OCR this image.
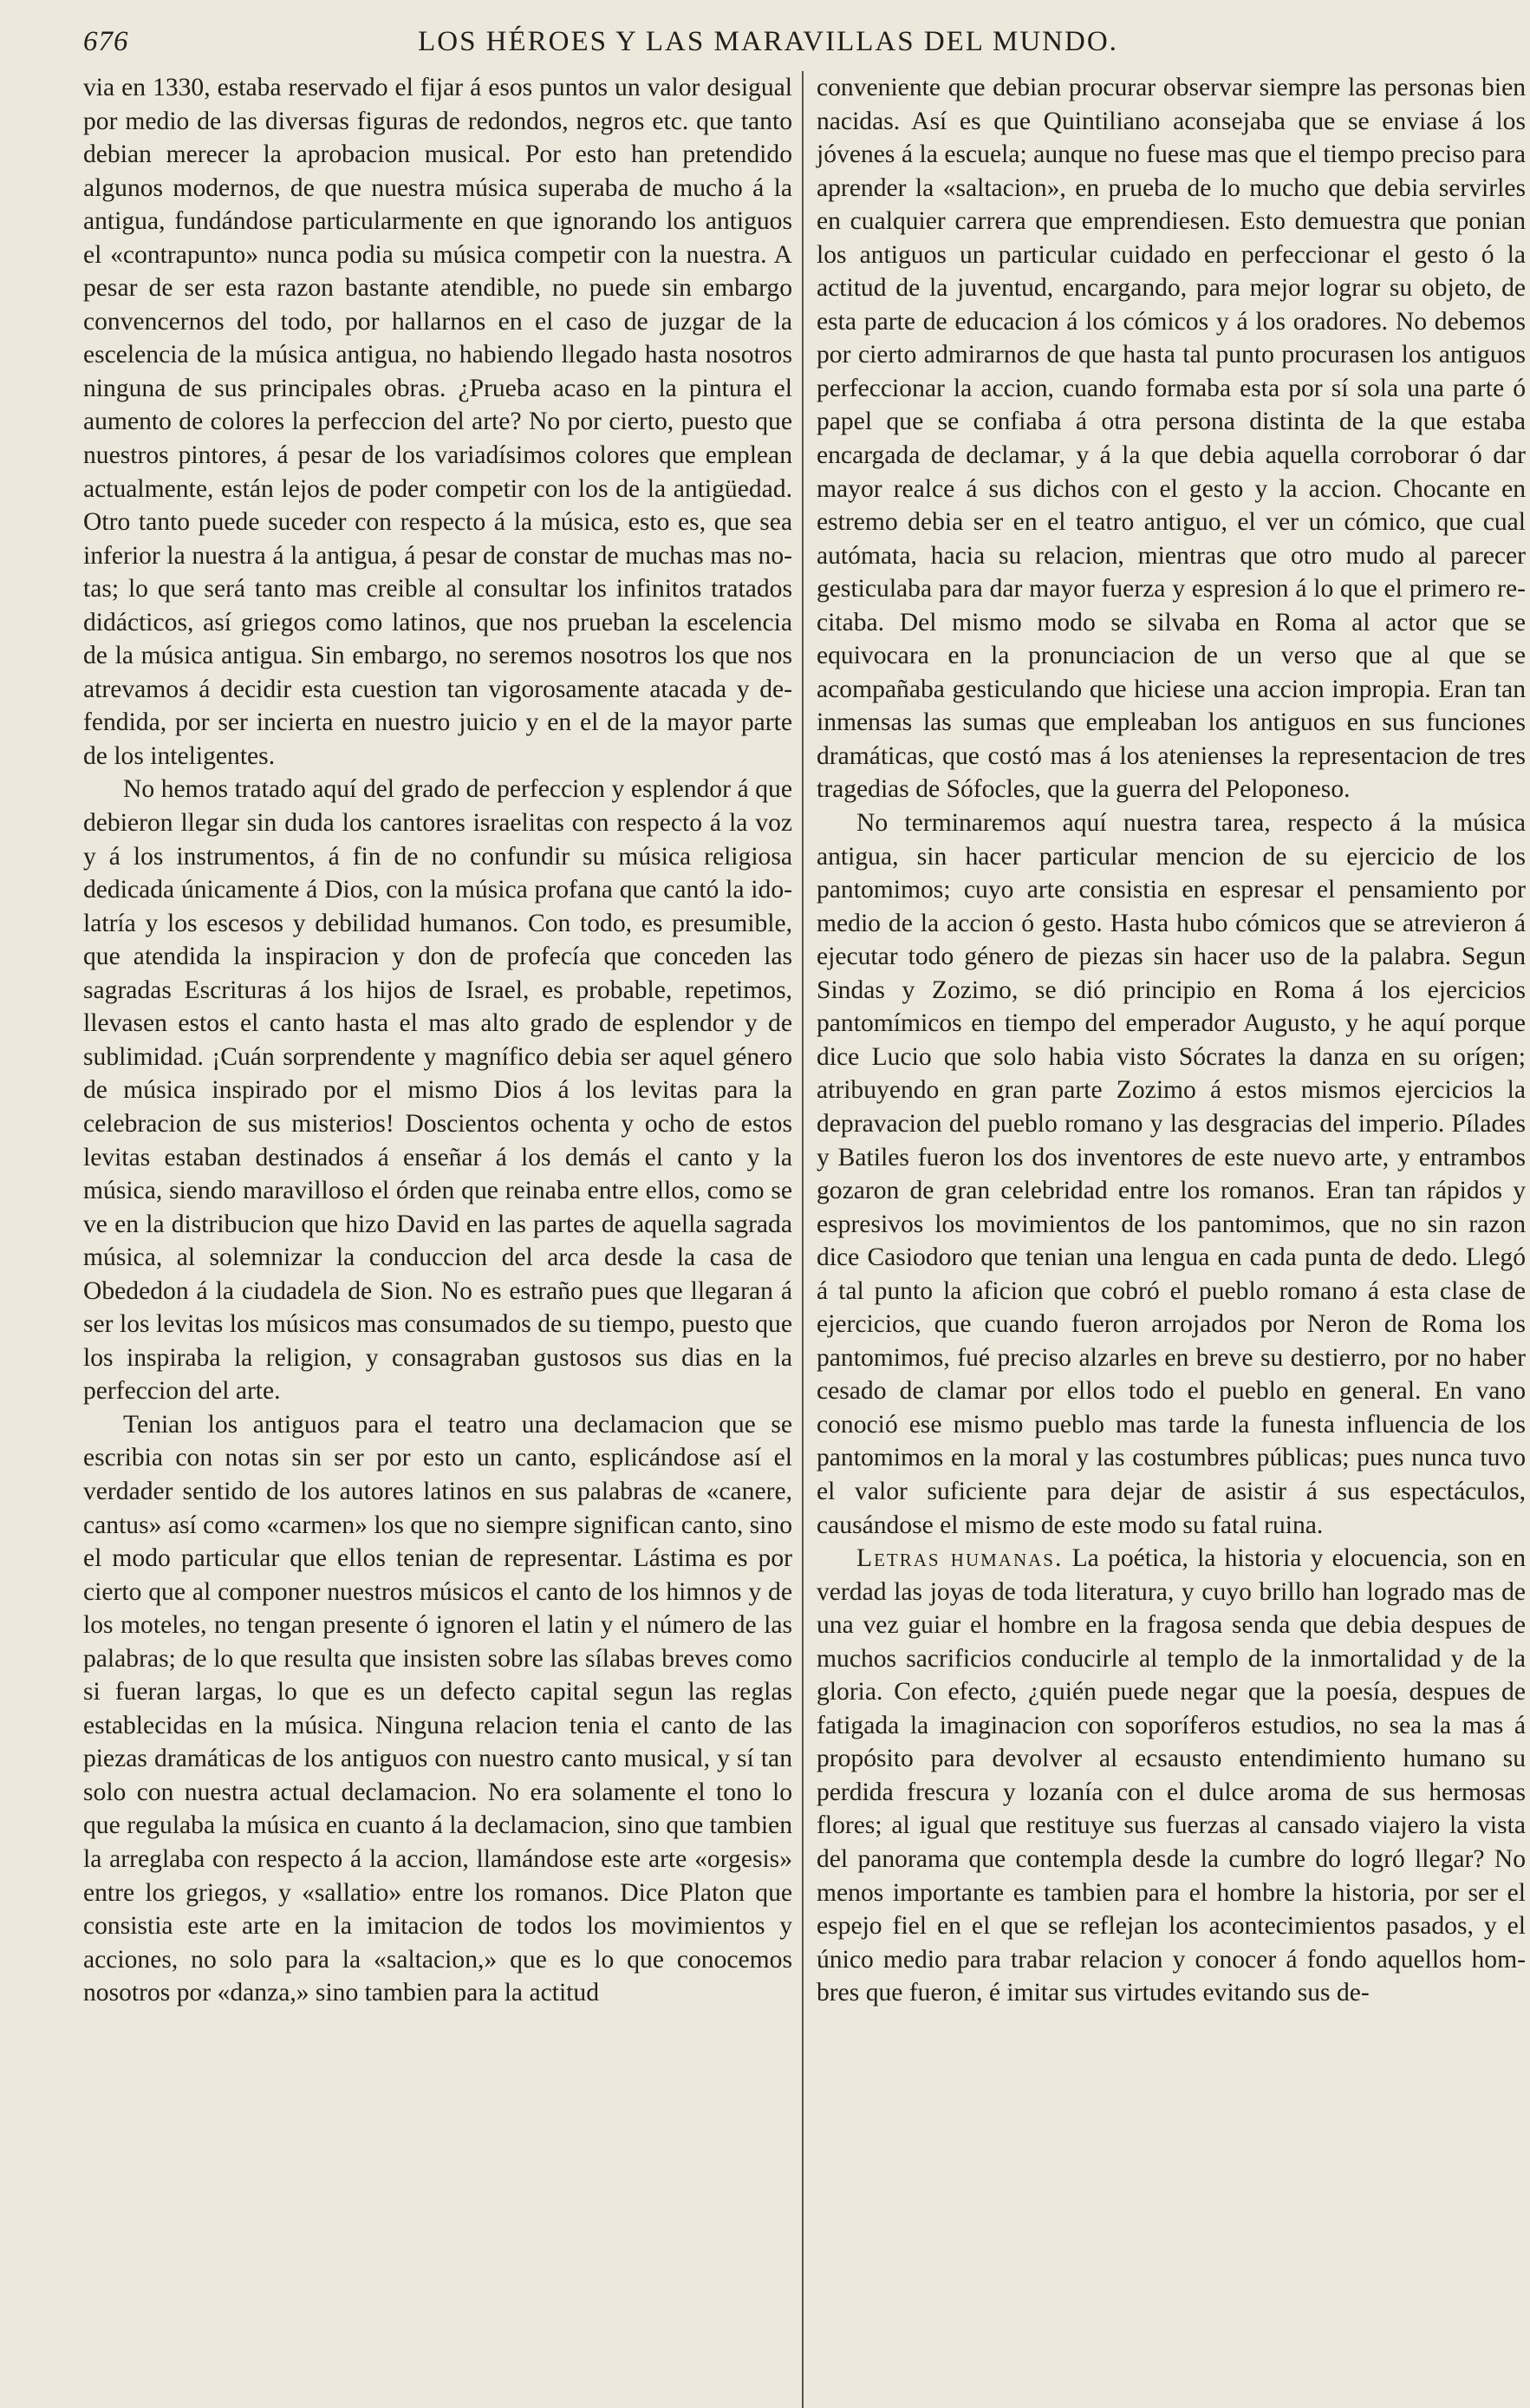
676	LOS HÉROES Y LAS MARAVILLAS DEL MUNDO.

via en 1330, estaba reservado el fijar á esos puntos un valor desigual por medio de las diversas figuras de redondos, negros etc. que tanto debian merecer la aprobacion musical. Por esto han pretendido algunos modernos, de que nuestra música superaba de mucho á la antigua, fundándose particularmente en que ignorando los antiguos el «contrapunto» nunca podia su música competir con la nuestra. A pesar de ser esta razon bastante atendible, no puede sin embargo convencernos del todo, por hallarnos en el caso de juzgar de la escelencia de la música antigua, no habiendo llegado hasta nosotros ninguna de sus principales obras. ¿Prueba acaso en la pintura el aumento de colores la perfeccion del arte? No por cierto, puesto que nuestros pintores, á pesar de los variadísimos colores que emplean actualmente, están lejos de poder competir con los de la antigüedad. Otro tanto puede suceder con respecto á la música, esto es, que sea inferior la nuestra á la antigua, á pesar de constar de muchas mas notas; lo que será tanto mas creible al consultar los infinitos tratados didácticos, así griegos como latinos, que nos prueban la escelencia de la música antigua. Sin embargo, no seremos nosotros los que nos atrevamos á decidir esta cuestion tan vigorosamente atacada y defendida, por ser incierta en nuestro juicio y en el de la mayor parte de los inteligentes.

No hemos tratado aquí del grado de perfeccion y esplendor á que debieron llegar sin duda los cantores israelitas con respecto á la voz y á los instrumentos, á fin de no confundir su música religiosa dedicada únicamente á Dios, con la música profana que cantó la idolatría y los escesos y debilidad humanos. Con todo, es presumible, que atendida la inspiracion y don de profecía que conceden las sagradas Escrituras á los hijos de Israel, es probable, repetimos, llevasen estos el canto hasta el mas alto grado de esplendor y de sublimidad. ¡Cuán sorprendente y magnífico debia ser aquel género de música inspirado por el mismo Dios á los levitas para la celebracion de sus misterios! Doscientos ochenta y ocho de estos levitas estaban destinados á enseñar á los demás el canto y la música, siendo maravilloso el órden que reinaba entre ellos, como se ve en la distribucion que hizo David en las partes de aquella sagrada música, al solemnizar la conduccion del arca desde la casa de Obededon á la ciudadela de Sion. No es estraño pues que llegaran á ser los levitas los músicos mas consumados de su tiempo, puesto que los inspiraba la religion, y consagraban gustosos sus dias en la perfeccion del arte.

Tenian los antiguos para el teatro una declamacion que se escribia con notas sin ser por esto un canto, esplicándose así el verdader sentido de los autores latinos en sus palabras de «canere, cantus» así como «carmen» los que no siempre significan canto, sino el modo particular que ellos tenian de representar. Lástima es por cierto que al componer nuestros músicos el canto de los himnos y de los moteles, no tengan presente ó ignoren el latin y el número de las palabras; de lo que resulta que insisten sobre las sílabas breves como si fueran largas, lo que es un defecto capital segun las reglas establecidas en la música. Ninguna relacion tenia el canto de las piezas dramáticas de los antiguos con nuestro canto musical, y sí tan solo con nuestra actual declamacion. No era solamente el tono lo que regulaba la música en cuanto á la declamacion, sino que tambien la arreglaba con respecto á la accion, llamándose este arte «orgesis» entre los griegos, y «sallatio» entre los romanos. Dice Platon que consistia este arte en la imitacion de todos los movimientos y acciones, no solo para la «saltacion,» que es lo que conocemos nosotros por «danza,» sino tambien para la actitud

conveniente que debian procurar observar siempre las personas bien nacidas. Así es que Quintiliano aconsejaba que se enviase á los jóvenes á la escuela; aunque no fuese mas que el tiempo preciso para aprender la «saltacion», en prueba de lo mucho que debia servirles en cualquier carrera que emprendiesen. Esto demuestra que ponian los antiguos un particular cuidado en perfeccionar el gesto ó la actitud de la juventud, encargando, para mejor lograr su objeto, de esta parte de educacion á los cómicos y á los oradores. No debemos por cierto admirarnos de que hasta tal punto procurasen los antiguos perfeccionar la accion, cuando formaba esta por sí sola una parte ó papel que se confiaba á otra persona distinta de la que estaba encargada de declamar, y á la que debia aquella corroborar ó dar mayor realce á sus dichos con el gesto y la accion. Chocante en estremo debia ser en el teatro antiguo, el ver un cómico, que cual autómata, hacia su relacion, mientras que otro mudo al parecer gesticulaba para dar mayor fuerza y espresion á lo que el primero recitaba. Del mismo modo se silvaba en Roma al actor que se equivocara en la pronunciacion de un verso que al que se acompañaba gesticulando que hiciese una accion impropia. Eran tan inmensas las sumas que empleaban los antiguos en sus funciones dramáticas, que costó mas á los atenienses la representacion de tres tragedias de Sófocles, que la guerra del Peloponeso.

No terminaremos aquí nuestra tarea, respecto á la música antigua, sin hacer particular mencion de su ejercicio de los pantomimos; cuyo arte consistia en espresar el pensamiento por medio de la accion ó gesto. Hasta hubo cómicos que se atrevieron á ejecutar todo género de piezas sin hacer uso de la palabra. Segun Sindas y Zozimo, se dió principio en Roma á los ejercicios pantomímicos en tiempo del emperador Augusto, y he aquí porque dice Lucio que solo habia visto Sócrates la danza en su orígen; atribuyendo en gran parte Zozimo á estos mismos ejercicios la depravacion del pueblo romano y las desgracias del imperio. Pílades y Batiles fueron los dos inventores de este nuevo arte, y entrambos gozaron de gran celebridad entre los romanos. Eran tan rápidos y espresivos los movimientos de los pantomimos, que no sin razon dice Casiodoro que tenian una lengua en cada punta de dedo. Llegó á tal punto la aficion que cobró el pueblo romano á esta clase de ejercicios, que cuando fueron arrojados por Neron de Roma los pantomimos, fué preciso alzarles en breve su destierro, por no haber cesado de clamar por ellos todo el pueblo en general. En vano conoció ese mismo pueblo mas tarde la funesta influencia de los pantomimos en la moral y las costumbres públicas; pues nunca tuvo el valor suficiente para dejar de asistir á sus espectáculos, causándose el mismo de este modo su fatal ruina.

Letras humanas. La poética, la historia y elocuencia, son en verdad las joyas de toda literatura, y cuyo brillo han logrado mas de una vez guiar el hombre en la fragosa senda que debia despues de muchos sacrificios conducirle al templo de la inmortalidad y de la gloria. Con efecto, ¿quién puede negar que la poesía, despues de fatigada la imaginacion con soporíferos estudios, no sea la mas á propósito para devolver al ecsausto entendimiento humano su perdida frescura y lozanía con el dulce aroma de sus hermosas flores; al igual que restituye sus fuerzas al cansado viajero la vista del panorama que contempla desde la cumbre do logró llegar? No menos importante es tambien para el hombre la historia, por ser el espejo fiel en el que se reflejan los acontecimientos pasados, y el único medio para trabar relacion y conocer á fondo aquellos hombres que fueron, é imitar sus virtudes evitando sus de-
